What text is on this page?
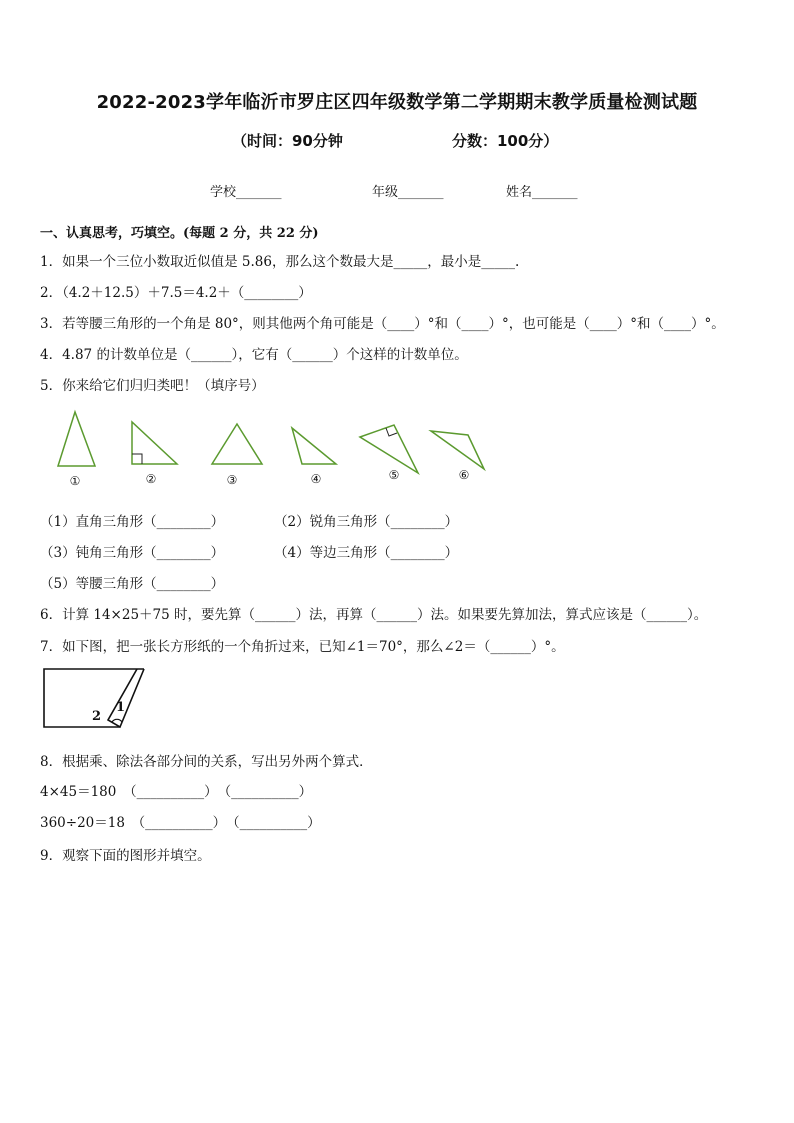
2022-2023学年临沂市罗庄区四年级数学第二学期期末教学质量检测试题
（时间：90分钟	分数：100分）
学校_______	年级_______	姓名_______
一、认真思考，巧填空。(每题 2 分，共 22 分)
1．如果一个三位小数取近似值是 5.86，那么这个数最大是_____，最小是_____.
2．（4.2＋12.5）＋7.5＝4.2＋（________）
3．若等腰三角形的一个角是 80°，则其他两个角可能是（____）°和（____）°，也可能是（____）°和（____）°。
4．4.87 的计数单位是（______），它有（______）个这样的计数单位。
5．你来给它们归归类吧！（填序号）
①	②	③	④	⑤	⑥
（1）直角三角形（________）	（2）锐角三角形（________）
（3）钝角三角形（________）	（4）等边三角形（________）
（5）等腰三角形（________）
6．计算 14×25＋75 时，要先算（______）法，再算（______）法。如果要先算加法，算式应该是（______）。
7．如下图，把一张长方形纸的一个角折过来，已知∠1＝70°，那么∠2＝（______）°。
1
2
8．根据乘、除法各部分间的关系，写出另外两个算式．
4×45＝180　（__________）　（__________）
360÷20＝18　（__________）　（__________）
9．观察下面的图形并填空。
